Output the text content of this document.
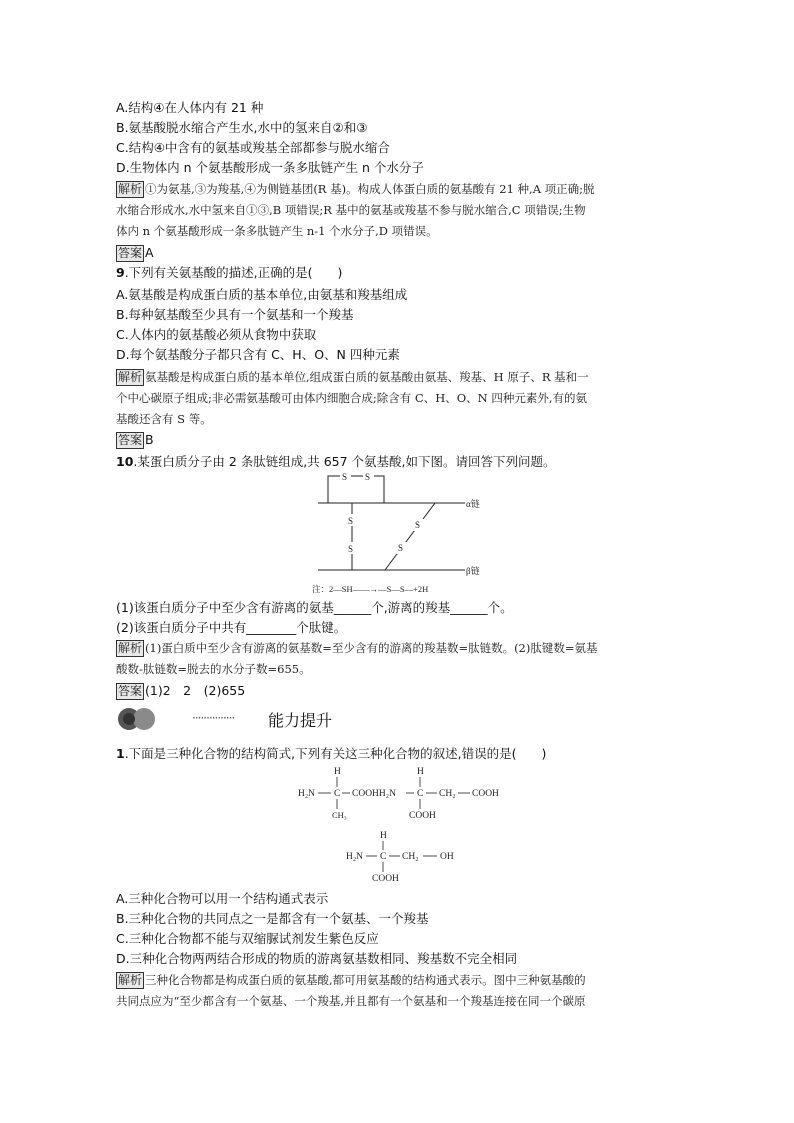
A.结构④在人体内有 21 种
B.氨基酸脱水缩合产生水,水中的氢来自②和③
C.结构④中含有的氨基或羧基全部都参与脱水缩合
D.生物体内 n 个氨基酸形成一条多肽链产生 n 个水分子
解析 ①为氨基,③为羧基,④为侧链基团(R 基)。构成人体蛋白质的氨基酸有 21 种,A 项正确;脱
水缩合形成水,水中氢来自①③,B 项错误;R 基中的氨基或羧基不参与脱水缩合,C 项错误;生物
体内 n 个氨基酸形成一条多肽链产生 n-1 个水分子,D 项错误。
答案 A
9.下列有关氨基酸的描述,正确的是(　　)
A.氨基酸是构成蛋白质的基本单位,由氨基和羧基组成
B.每种氨基酸至少具有一个氨基和一个羧基
C.人体内的氨基酸必须从食物中获取
D.每个氨基酸分子都只含有 C、H、O、N 四种元素
解析 氨基酸是构成蛋白质的基本单位,组成蛋白质的氨基酸由氨基、羧基、H 原子、R 基和一
个中心碳原子组成;非必需氨基酸可由体内细胞合成;除含有 C、H、O、N 四种元素外,有的氨
基酸还含有 S 等。
答案 B
10.某蛋白质分子由 2 条肽链组成,共 657 个氨基酸,如下图。请回答下列问题。
S S
S
S
S
S
α链
β链
注：2—SH——→—S—S—+2H
(1)该蛋白质分子中至少含有游离的氨基______个,游离的羧基______个。
(2)该蛋白质分子中共有________个肽键。
解析 (1)蛋白质中至少含有游离的氨基数=至少含有的游离的羧基数=肽链数。(2)肽键数=氨基
酸数-肽链数=脱去的水分子数=655。
答案 (1)2　2　(2)655
··············· 能力提升
1.下面是三种化合物的结构简式,下列有关这三种化合物的叙述,错误的是(　　)
H
H₂N C COOHH₂N
CH₃
H
C CH₂ COOH
COOH
H
H₂N C CH₂ OH
COOH
A.三种化合物可以用一个结构通式表示
B.三种化合物的共同点之一是都含有一个氨基、一个羧基
C.三种化合物都不能与双缩脲试剂发生紫色反应
D.三种化合物两两结合形成的物质的游离氨基数相同、羧基数不完全相同
解析 三种化合物都是构成蛋白质的氨基酸,都可用氨基酸的结构通式表示。图中三种氨基酸的
共同点应为“至少都含有一个氨基、一个羧基,并且都有一个氨基和一个羧基连接在同一个碳原
